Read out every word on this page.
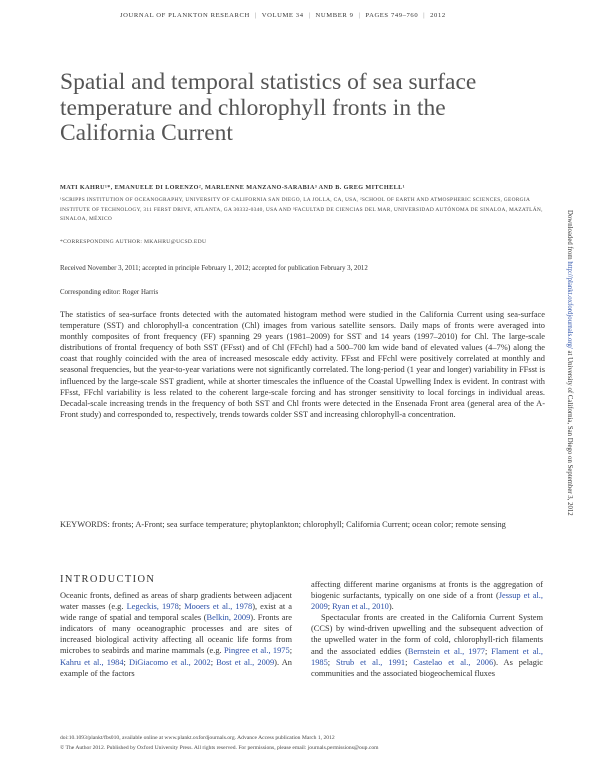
JOURNAL OF PLANKTON RESEARCH | VOLUME 34 | NUMBER 9 | PAGES 749–760 | 2012
Spatial and temporal statistics of sea surface temperature and chlorophyll fronts in the California Current
MATI KAHRU¹*, EMANUELE DI LORENZO², MARLENNE MANZANO-SARABIA³ AND B. GREG MITCHELL¹
¹SCRIPPS INSTITUTION OF OCEANOGRAPHY, UNIVERSITY OF CALIFORNIA SAN DIEGO, LA JOLLA, CA, USA, ²SCHOOL OF EARTH AND ATMOSPHERIC SCIENCES, GEORGIA INSTITUTE OF TECHNOLOGY, 311 FERST DRIVE, ATLANTA, GA 30332-0340, USA AND ³FACULTAD DE CIENCIAS DEL MAR, UNIVERSIDAD AUTÓNOMA DE SINALOA, MAZATLÁN, SINALOA, MÉXICO
*CORRESPONDING AUTHOR: MKAHRU@UCSD.EDU
Received November 3, 2011; accepted in principle February 1, 2012; accepted for publication February 3, 2012
Corresponding editor: Roger Harris
The statistics of sea-surface fronts detected with the automated histogram method were studied in the California Current using sea-surface temperature (SST) and chlorophyll-a concentration (Chl) images from various satellite sensors. Daily maps of fronts were averaged into monthly composites of front frequency (FF) spanning 29 years (1981–2009) for SST and 14 years (1997–2010) for Chl. The large-scale distributions of frontal frequency of both SST (FFsst) and of Chl (FFchl) had a 500–700 km wide band of elevated values (4–7%) along the coast that roughly coincided with the area of increased mesoscale eddy activity. FFsst and FFchl were positively correlated at monthly and seasonal frequencies, but the year-to-year variations were not significantly correlated. The long-period (1 year and longer) variability in FFsst is influenced by the large-scale SST gradient, while at shorter timescales the influence of the Coastal Upwelling Index is evident. In contrast with FFsst, FFchl variability is less related to the coherent large-scale forcing and has stronger sensitivity to local forcings in individual areas. Decadal-scale increasing trends in the frequency of both SST and Chl fronts were detected in the Ensenada Front area (general area of the A-Front study) and corresponded to, respectively, trends towards colder SST and increasing chlorophyll-a concentration.
KEYWORDS: fronts; A-Front; sea surface temperature; phytoplankton; chlorophyll; California Current; ocean color; remote sensing
Downloaded from http://plankt.oxfordjournals.org/ at University of California, San Diego on September 3, 2012
INTRODUCTION

Oceanic fronts, defined as areas of sharp gradients between adjacent water masses (e.g. Legeckis, 1978; Mooers et al., 1978), exist at a wide range of spatial and temporal scales (Belkin, 2009). Fronts are indicators of many oceanographic processes and are sites of increased biological activity affecting all oceanic life forms from microbes to seabirds and marine mammals (e.g. Pingree et al., 1975; Kahru et al., 1984; DiGiacomo et al., 2002; Bost et al., 2009). An example of the factors

affecting different marine organisms at fronts is the aggregation of biogenic surfactants, typically on one side of a front (Jessup et al., 2009; Ryan et al., 2010).

Spectacular fronts are created in the California Current System (CCS) by wind-driven upwelling and the subsequent advection of the upwelled water in the form of cold, chlorophyll-rich filaments and the associated eddies (Bernstein et al., 1977; Flament et al., 1985; Strub et al., 1991; Castelao et al., 2006). As pelagic communities and the associated biogeochemical fluxes

doi:10.1093/plankt/fbs010, available online at www.plankt.oxfordjournals.org. Advance Access publication March 1, 2012
© The Author 2012. Published by Oxford University Press. All rights reserved. For permissions, please email: journals.permissions@oup.com
